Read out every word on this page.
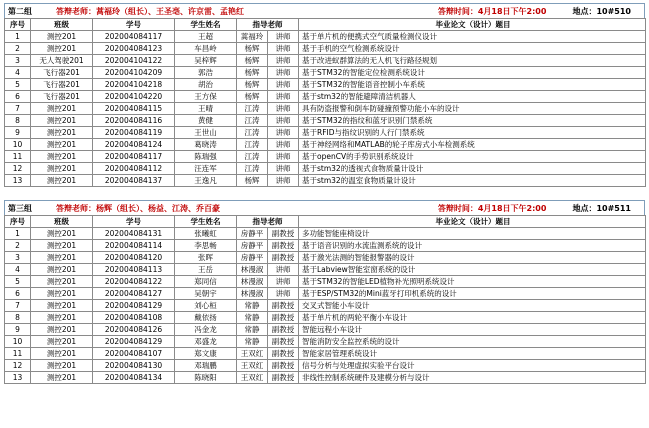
第二组	答辩老师：蒿福玲（组长）、王圣亳、许京雷、孟艳红	答辩时间：4月18日下午2:00	地点：10#510
序号	班级	学号	学生姓名	指导老师		毕业论文（设计）题目
1	测控201	202004084117	王超	蒿福玲	讲师	基于单片机的便携式空气质量检测仪设计
2	测控201	202004084123	车昌岭	杨辉	讲师	基于手机的空气检测系统设计
3	无人驾驶201	202004104122	吴梓辉	杨辉	讲师	基于改进蚁群算法的无人机飞行路径规划
4	飞行器201	202004104209	郭浩	杨辉	讲师	基于STM32的智能定位检测系统设计
5	飞行器201	202004104218	胡治	杨辉	讲师	基于STM32的智能语音控制小车系统
6	飞行器201	202004104220	王方保	杨辉	讲师	基于stm32的智能避障清洁机器人
7	测控201	202004084115	王晴	江涛	讲师	具有防盗报警和倒车防碰撞预警功能小车的设计
8	测控201	202004084116	黄健	江涛	讲师	基于STM32的指纹和蓝牙识别门禁系统
9	测控201	202004084119	王世山	江涛	讲师	基于RFID与指纹识别的人行门禁系统
10	测控201	202004084124	葛晓涛	江涛	讲师	基于神经网络和MATLAB的轮子库房式小车检测系统
11	测控201	202004084117	陈瑞强	江涛	讲师	基于openCV的手势识别系统设计
12	测控201	202004084112	汪连军	江涛	讲师	基于stm32的透视式食物质量计设计
13	测控201	202004084137	王逸凡	杨辉	讲师	基于stm32的温室食物质量计设计
第三组	答辩老师：杨辉（组长）、杨益、江涛、乔百豪	答辩时间：4月18日下午2:00	地点：10#511
序号	班级	学号	学生姓名	指导老师		毕业论文（设计）题目
1	测控201	202004084131	张曦虹	房静平	副教授	多功能智能座椅设计
2	测控201	202004084114	李思畅	房静平	副教授	基于语音识别的水流监测系统的设计
3	测控201	202004084120	张晖	房静平	副教授	基于激光法测的智能报警器的设计
4	测控201	202004084113	王岳	林漫淑	讲师	基于Labview智能室窗系统的设计
5	测控201	202004084122	郑同信	林漫淑	讲师	基于STM32的智能LED植物补光照明系统设计
6	测控201	202004084127	吴朝宇	林漫淑	讲师	基于ESP/STM32的Mini蓝牙打印机系统的设计
7	测控201	202004084129	刘心桓	常静	副教授	交叉式智能小车设计
8	测控201	202004084108	戴依扬	常静	副教授	基于单片机的两轮平衡小车设计
9	测控201	202004084126	冯金龙	常静	副教授	智能远程小车设计
10	测控201	202004084129	邓盛龙	常静	副教授	智能消防安全监控系统的设计
11	测控201	202004084107	郑文康	王双红	副教授	智能家居管理系统设计
12	测控201	202004084130	邓瑞鹏	王双红	副教授	信号分析与处理虚拟实验平台设计
13	测控201	202004084134	陈晓阳	王双红	副教授	非线性控制系统硬件及建模分析与设计
